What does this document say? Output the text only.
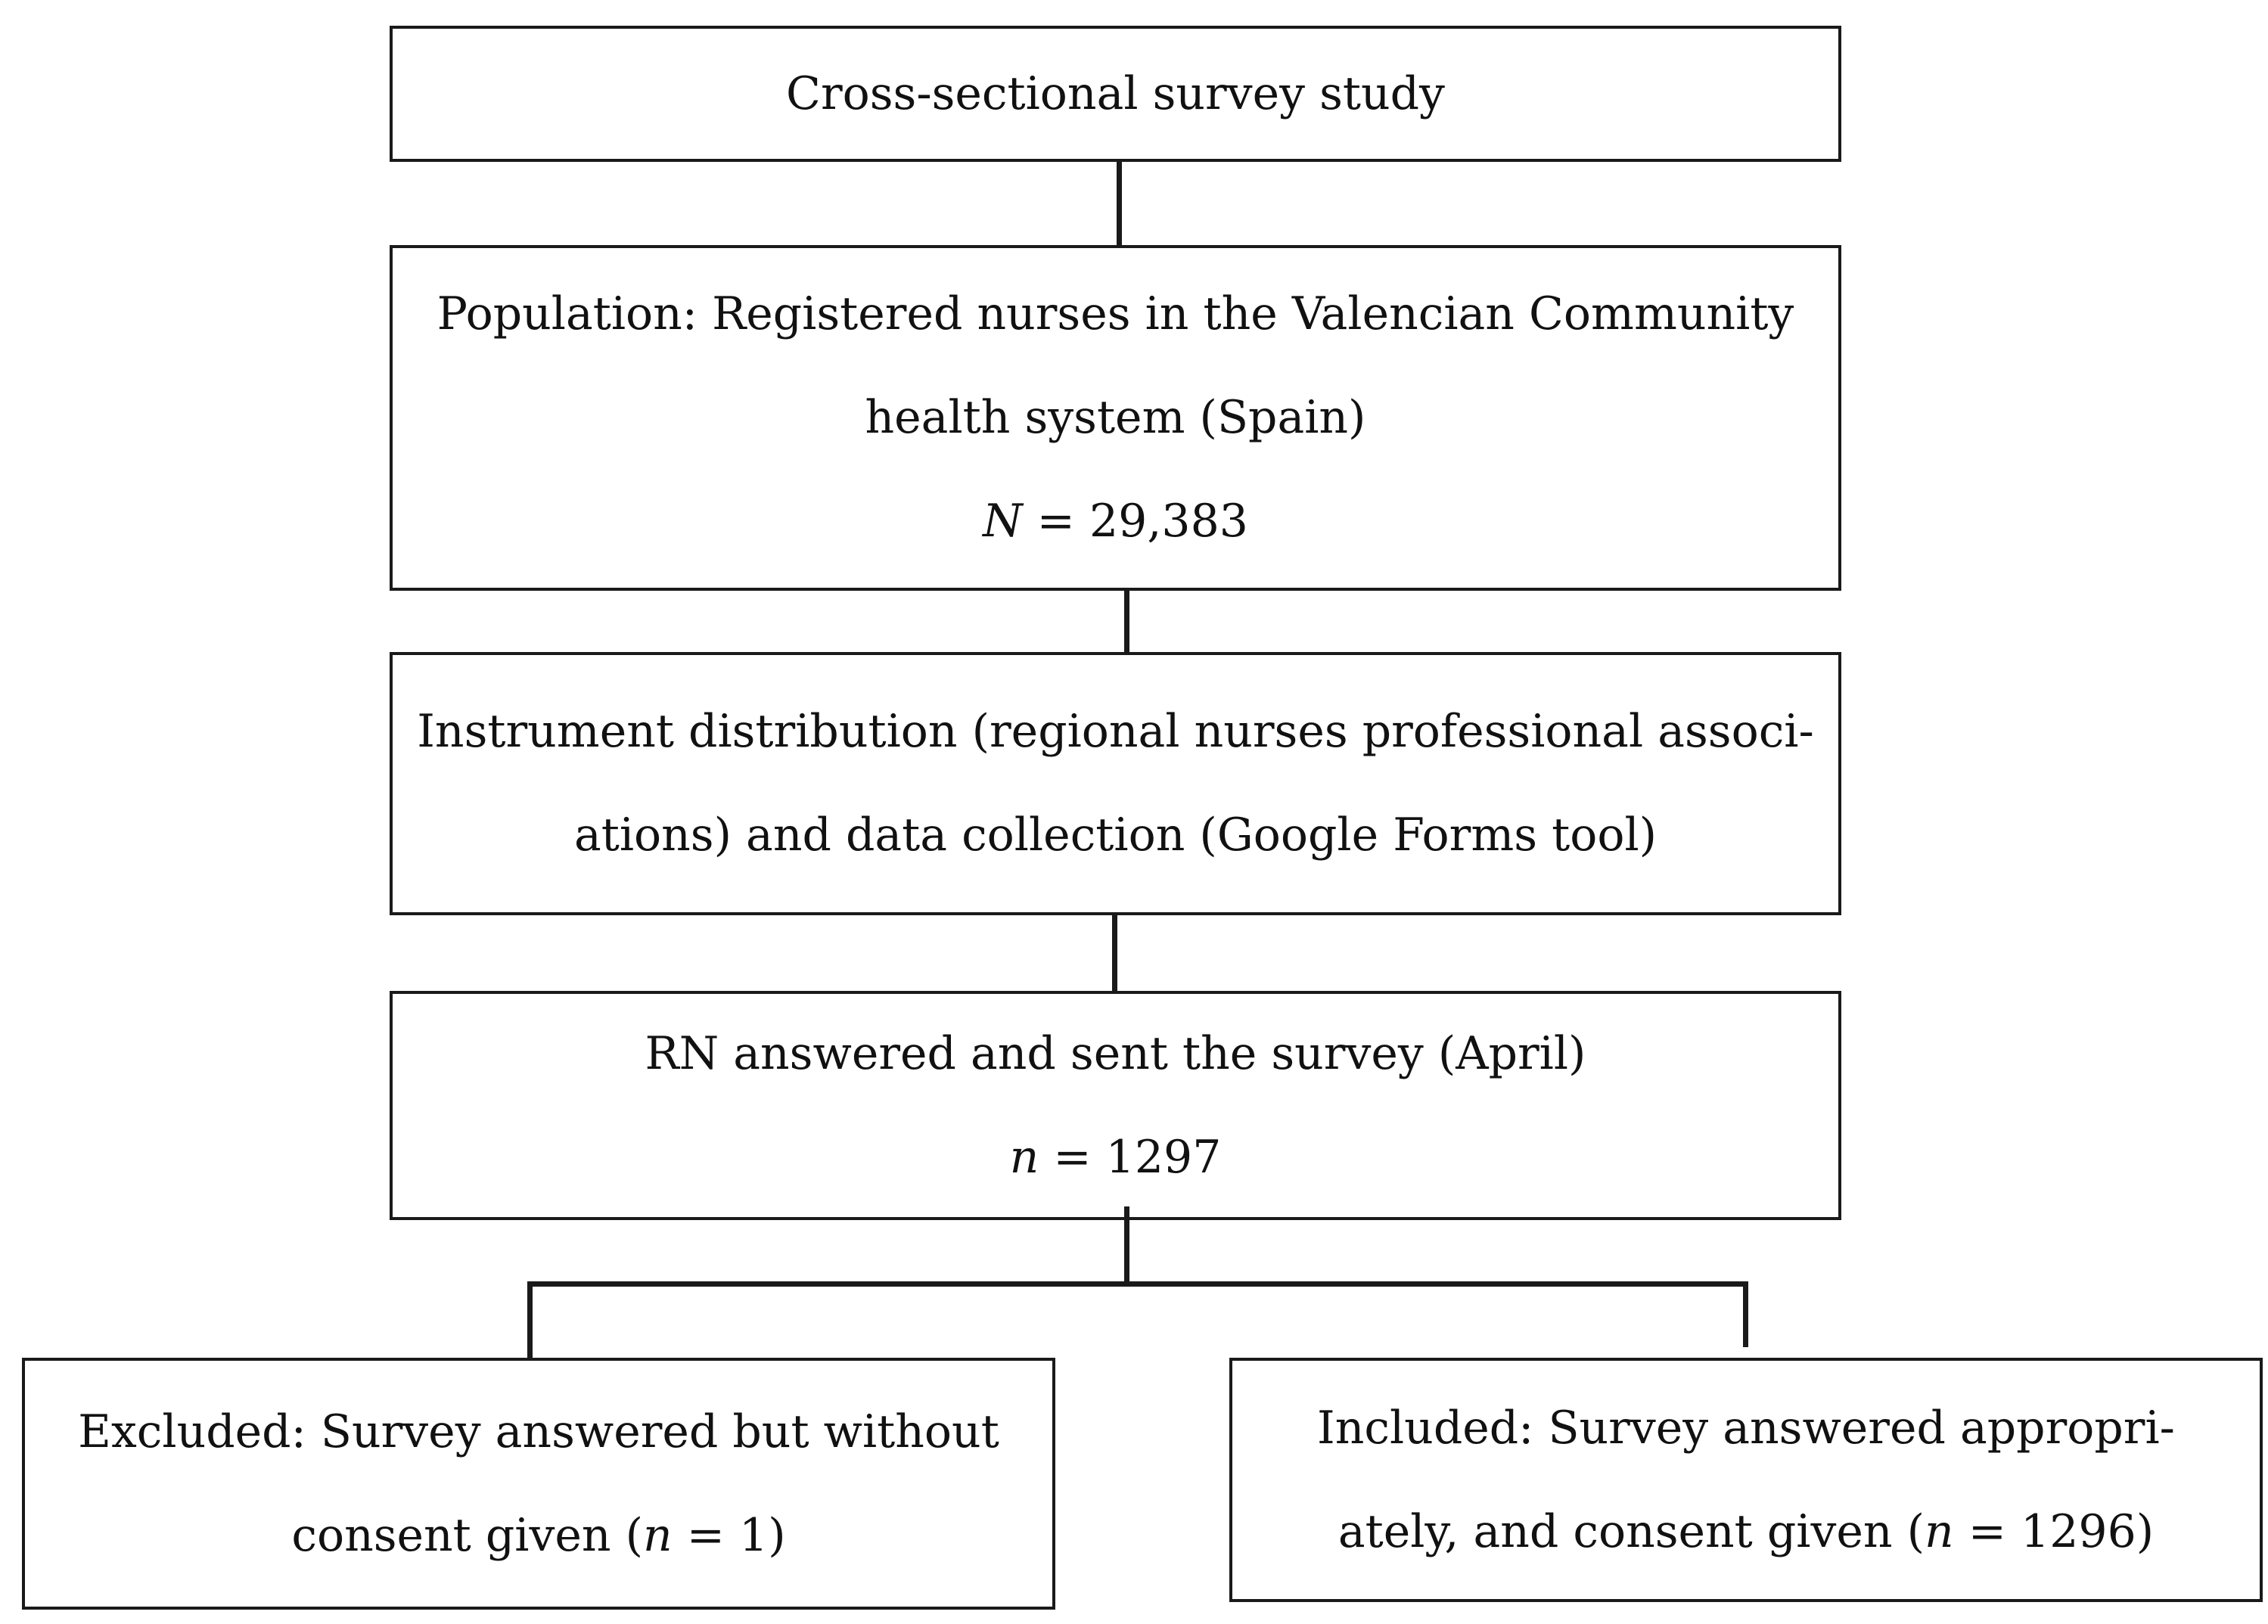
Cross-sectional survey study
Population: Registered nurses in the Valencian Community
health system (Spain)
N = 29,383
Instrument distribution (regional nurses professional associ-
ations) and data collection (Google Forms tool)
RN answered and sent the survey (April)
n = 1297
Excluded: Survey answered but without
consent given (n = 1)
Included: Survey answered appropri-
ately, and consent given (n = 1296)
